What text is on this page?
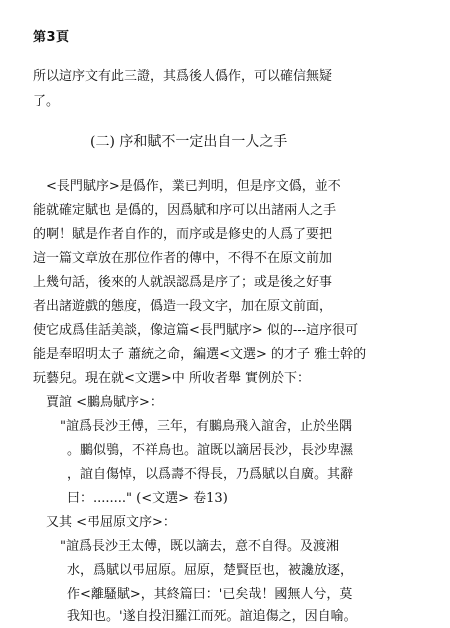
第3頁
所以這序文有此三證，其爲後人僞作，可以確信無疑
了。
(二) 序和賦不一定出自一人之手
<長門賦序>是僞作，業已判明，但是序文僞，並不
能就確定賦也 是僞的，因爲賦和序可以出諸兩人之手
的啊！賦是作者自作的，而序或是修史的人爲了要把
這一篇文章放在那位作者的傳中，不得不在原文前加
上幾句話，後來的人就誤認爲是序了；或是後之好事
者出諸遊戲的態度，僞造一段文字，加在原文前面，
使它成爲佳話美談，像這篇<長門賦序> 似的---這序很可
能是奉昭明太子 蕭統之命，編選<文選> 的才子 雅士幹的
玩藝兒。現在就<文選>中 所收者舉 實例於下：
賈誼 <鵩鳥賦序>：
"誼爲長沙王傅，三年，有鵩鳥飛入誼舍，止於坐隅
。鵩似鴞，不祥鳥也。誼既以謫居長沙，長沙卑濕
，誼自傷悼，以爲壽不得長，乃爲賦以自廣。其辭
曰：........" (<文選> 卷13)
又其 <弔屈原文序>：
"誼爲長沙王太傅，既以謫去，意不自得。及渡湘
水，爲賦以弔屈原。屈原，楚賢臣也，被讒放逐，
作<離騷賦>，其終篇曰：'已矣哉！國無人兮，莫
我知也。'遂自投汨羅江而死。誼追傷之，因自喻。
